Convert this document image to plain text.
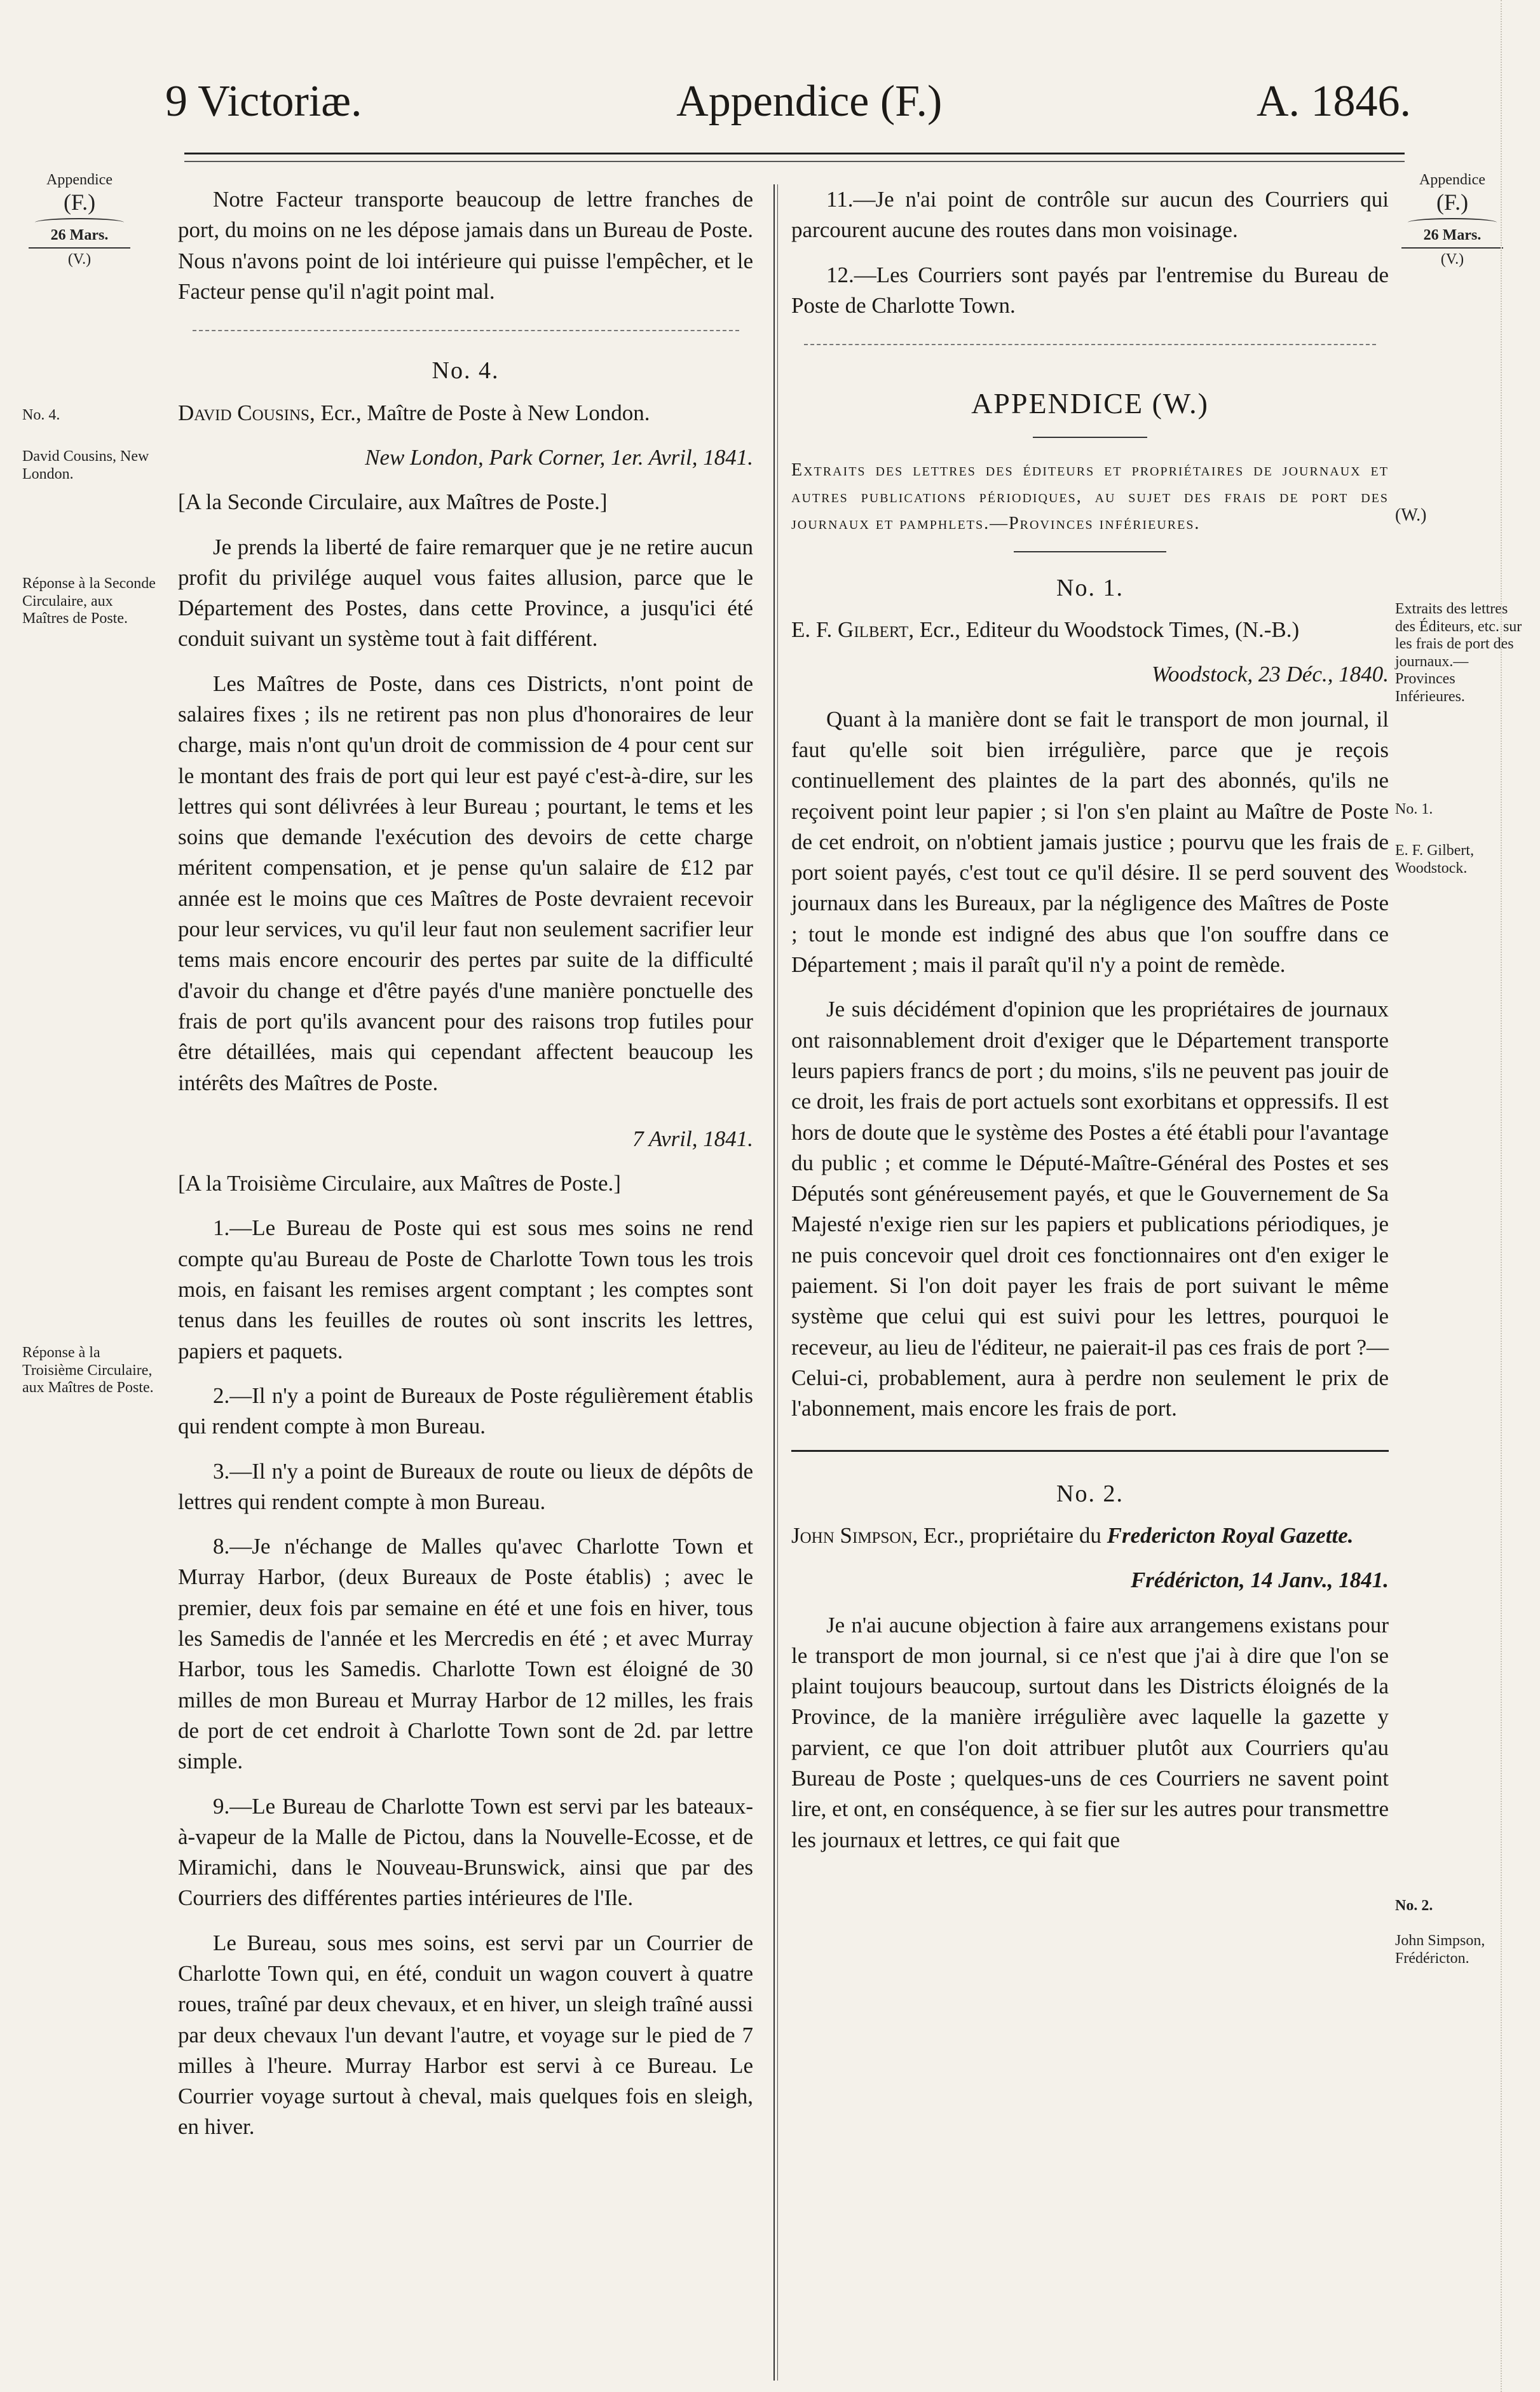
9 Victoriæ.	Appendice (F.)	A. 1846.
Appendice
(F.)
26 Mars.
(V.)
No. 4.
David Cousins, New London.
Réponse à la Seconde Circulaire, aux Maîtres de Poste.
Réponse à la Troisième Circulaire, aux Maîtres de Poste.
Appendice
(F.)
26 Mars.
(V.)
(W.)
Extraits des lettres des Éditeurs, etc. sur les frais de port des journaux.—Provinces Inférieures.
No. 1.
E. F. Gilbert, Woodstock.
No. 2.
John Simpson, Frédéricton.

Notre Facteur transporte beaucoup de lettre franches de port, du moins on ne les dépose jamais dans un Bureau de Poste. Nous n'avons point de loi intérieure qui puisse l'empêcher, et le Facteur pense qu'il n'agit point mal.

No. 4.

David Cousins, Ecr., Maître de Poste à New London.

New London, Park Corner, 1er. Avril, 1841.

[A la Seconde Circulaire, aux Maîtres de Poste.]

Je prends la liberté de faire remarquer que je ne retire aucun profit du privilége auquel vous faites allusion, parce que le Département des Postes, dans cette Province, a jusqu'ici été conduit suivant un système tout à fait différent.

Les Maîtres de Poste, dans ces Districts, n'ont point de salaires fixes ; ils ne retirent pas non plus d'honoraires de leur charge, mais n'ont qu'un droit de commission de 4 pour cent sur le montant des frais de port qui leur est payé c'est-à-dire, sur les lettres qui sont délivrées à leur Bureau ; pourtant, le tems et les soins que demande l'exécution des devoirs de cette charge méritent compensation, et je pense qu'un salaire de £12 par année est le moins que ces Maîtres de Poste devraient recevoir pour leur services, vu qu'il leur faut non seulement sacrifier leur tems mais encore encourir des pertes par suite de la difficulté d'avoir du change et d'être payés d'une manière ponctuelle des frais de port qu'ils avancent pour des raisons trop futiles pour être détaillées, mais qui cependant affectent beaucoup les intérêts des Maîtres de Poste.

7 Avril, 1841.

[A la Troisième Circulaire, aux Maîtres de Poste.]

1.—Le Bureau de Poste qui est sous mes soins ne rend compte qu'au Bureau de Poste de Charlotte Town tous les trois mois, en faisant les remises argent comptant ; les comptes sont tenus dans les feuilles de routes où sont inscrits les lettres, papiers et paquets.

2.—Il n'y a point de Bureaux de Poste régulièrement établis qui rendent compte à mon Bureau.

3.—Il n'y a point de Bureaux de route ou lieux de dépôts de lettres qui rendent compte à mon Bureau.

8.—Je n'échange de Malles qu'avec Charlotte Town et Murray Harbor, (deux Bureaux de Poste établis) ; avec le premier, deux fois par semaine en été et une fois en hiver, tous les Samedis de l'année et les Mercredis en été ; et avec Murray Harbor, tous les Samedis. Charlotte Town est éloigné de 30 milles de mon Bureau et Murray Harbor de 12 milles, les frais de port de cet endroit à Charlotte Town sont de 2d. par lettre simple.

9.—Le Bureau de Charlotte Town est servi par les bateaux-à-vapeur de la Malle de Pictou, dans la Nouvelle-Ecosse, et de Miramichi, dans le Nouveau-Brunswick, ainsi que par des Courriers des différentes parties intérieures de l'Ile.

Le Bureau, sous mes soins, est servi par un Courrier de Charlotte Town qui, en été, conduit un wagon couvert à quatre roues, traîné par deux chevaux, et en hiver, un sleigh traîné aussi par deux chevaux l'un devant l'autre, et voyage sur le pied de 7 milles à l'heure. Murray Harbor est servi à ce Bureau. Le Courrier voyage surtout à cheval, mais quelques fois en sleigh, en hiver.

11.—Je n'ai point de contrôle sur aucun des Courriers qui parcourent aucune des routes dans mon voisinage.

12.—Les Courriers sont payés par l'entremise du Bureau de Poste de Charlotte Town.

APPENDICE (W.)

Extraits des lettres des éditeurs et propriétaires de journaux et autres publications périodiques, au sujet des frais de port des journaux et pamphlets.—Provinces inférieures.

No. 1.

E. F. Gilbert, Ecr., Editeur du Woodstock Times, (N.-B.)

Woodstock, 23 Déc., 1840.

Quant à la manière dont se fait le transport de mon journal, il faut qu'elle soit bien irrégulière, parce que je reçois continuellement des plaintes de la part des abonnés, qu'ils ne reçoivent point leur papier ; si l'on s'en plaint au Maître de Poste de cet endroit, on n'obtient jamais justice ; pourvu que les frais de port soient payés, c'est tout ce qu'il désire. Il se perd souvent des journaux dans les Bureaux, par la négligence des Maîtres de Poste ; tout le monde est indigné des abus que l'on souffre dans ce Département ; mais il paraît qu'il n'y a point de remède.

Je suis décidément d'opinion que les propriétaires de journaux ont raisonnablement droit d'exiger que le Département transporte leurs papiers francs de port ; du moins, s'ils ne peuvent pas jouir de ce droit, les frais de port actuels sont exorbitans et oppressifs. Il est hors de doute que le système des Postes a été établi pour l'avantage du public ; et comme le Député-Maître-Général des Postes et ses Députés sont généreusement payés, et que le Gouvernement de Sa Majesté n'exige rien sur les papiers et publications périodiques, je ne puis concevoir quel droit ces fonctionnaires ont d'en exiger le paiement. Si l'on doit payer les frais de port suivant le même système que celui qui est suivi pour les lettres, pourquoi le receveur, au lieu de l'éditeur, ne paierait-il pas ces frais de port ?—Celui-ci, probablement, aura à perdre non seulement le prix de l'abonnement, mais encore les frais de port.

No. 2.

John Simpson, Ecr., propriétaire du Fredericton Royal Gazette.

Frédéricton, 14 Janv., 1841.

Je n'ai aucune objection à faire aux arrangemens existans pour le transport de mon journal, si ce n'est que j'ai à dire que l'on se plaint toujours beaucoup, surtout dans les Districts éloignés de la Province, de la manière irrégulière avec laquelle la gazette y parvient, ce que l'on doit attribuer plutôt aux Courriers qu'au Bureau de Poste ; quelques-uns de ces Courriers ne savent point lire, et ont, en conséquence, à se fier sur les autres pour transmettre les journaux et lettres, ce qui fait que
